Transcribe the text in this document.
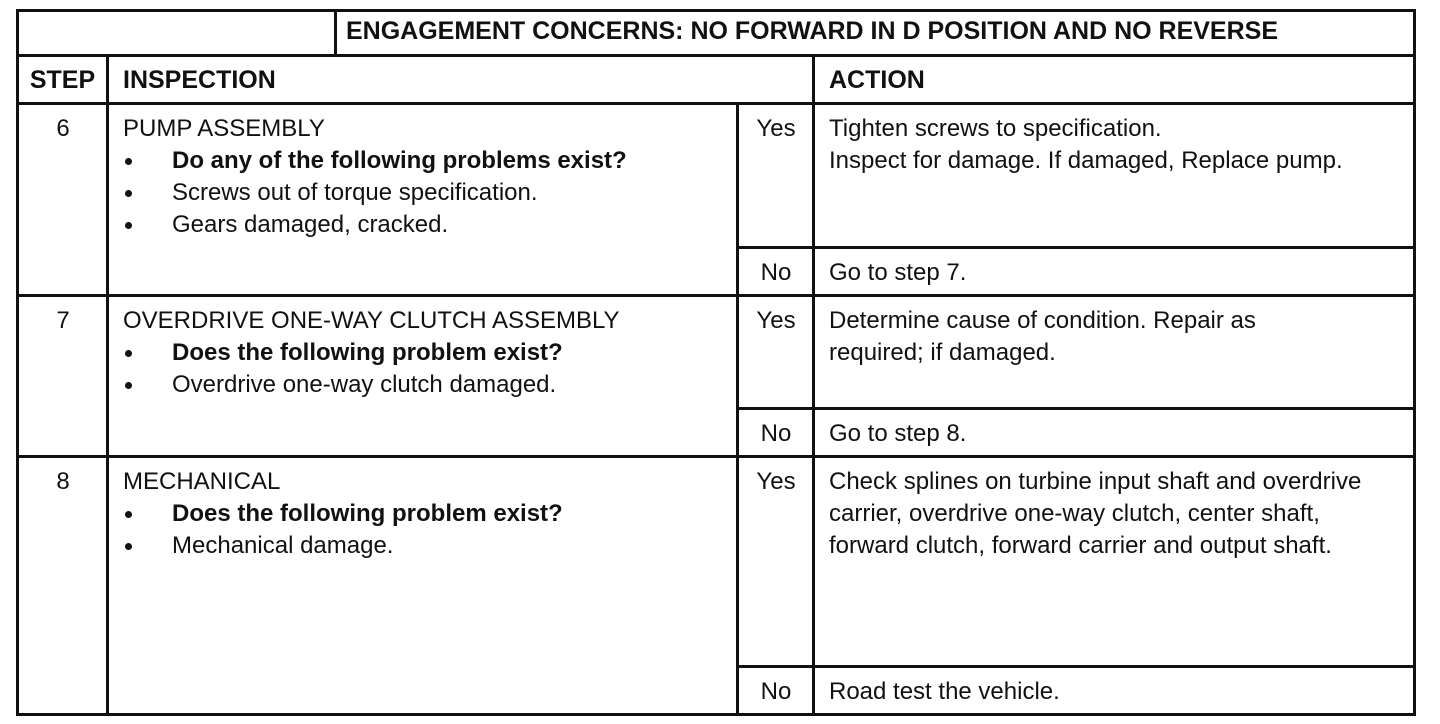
ENGAGEMENT CONCERNS: NO FORWARD IN D POSITION AND NO REVERSE
STEP	INSPECTION	ACTION
6	PUMP ASSEMBLY
Do any of the following problems exist?
Screws out of torque specification.
Gears damaged, cracked.
Yes	Tighten screws to specification.

Inspect for damage. If damaged, Replace pump.

No	Go to step 7.
7	OVERDRIVE ONE-WAY CLUTCH ASSEMBLY
Does the following problem exist?
Overdrive one-way clutch damaged.
Yes	Determine cause of condition. Repair as required; if damaged.

No	Go to step 8.
8	MECHANICAL
Does the following problem exist?
Mechanical damage.
Yes	Check splines on turbine input shaft and overdrive carrier, overdrive one-way clutch, center shaft, forward clutch, forward carrier and output shaft.

No	Road test the vehicle.
